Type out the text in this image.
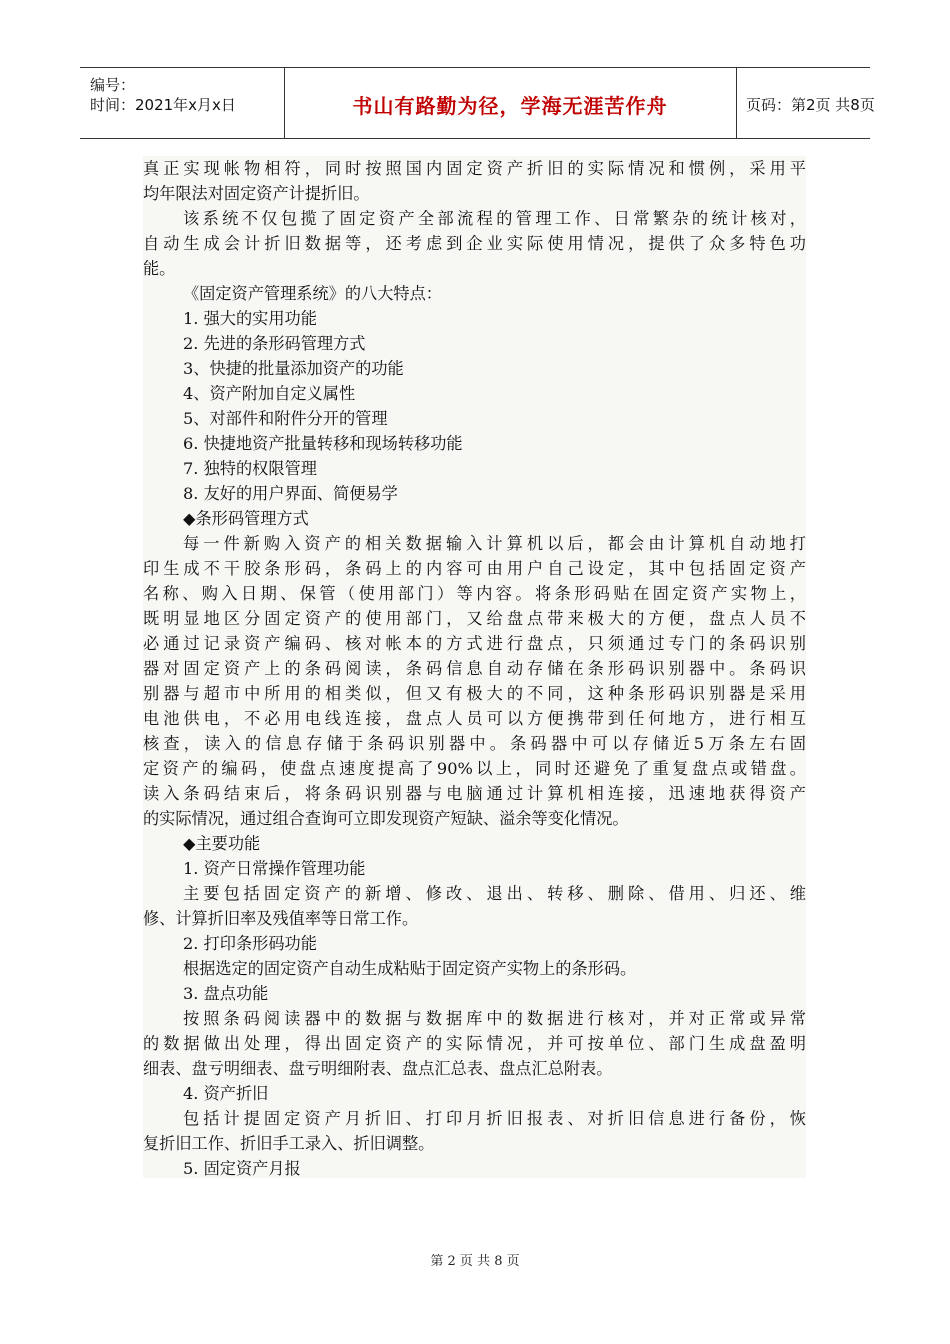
编号：
时间：2021年x月x日	书山有路勤为径，学海无涯苦作舟	页码：第2页 共8页
真正实现帐物相符，同时按照国内固定资产折旧的实际情况和惯例，采用平
均年限法对固定资产计提折旧。
该系统不仅包揽了固定资产全部流程的管理工作、日常繁杂的统计核对，
自动生成会计折旧数据等，还考虑到企业实际使用情况，提供了众多特色功
能。
《固定资产管理系统》的八大特点：
1. 强大的实用功能
2. 先进的条形码管理方式
3、快捷的批量添加资产的功能
4、资产附加自定义属性
5、对部件和附件分开的管理
6. 快捷地资产批量转移和现场转移功能
7. 独特的权限管理
8. 友好的用户界面、简便易学
◆条形码管理方式
每一件新购入资产的相关数据输入计算机以后，都会由计算机自动地打
印生成不干胶条形码，条码上的内容可由用户自己设定，其中包括固定资产
名称、购入日期、保管（使用部门）等内容。将条形码贴在固定资产实物上，
既明显地区分固定资产的使用部门，又给盘点带来极大的方便，盘点人员不
必通过记录资产编码、核对帐本的方式进行盘点，只须通过专门的条码识别
器对固定资产上的条码阅读，条码信息自动存储在条形码识别器中。条码识
别器与超市中所用的相类似，但又有极大的不同，这种条形码识别器是采用
电池供电，不必用电线连接，盘点人员可以方便携带到任何地方，进行相互
核查，读入的信息存储于条码识别器中。条码器中可以存储近5万条左右固
定资产的编码，使盘点速度提高了90%以上，同时还避免了重复盘点或错盘。
读入条码结束后，将条码识别器与电脑通过计算机相连接，迅速地获得资产
的实际情况，通过组合查询可立即发现资产短缺、溢余等变化情况。
◆主要功能
1. 资产日常操作管理功能
主要包括固定资产的新增、修改、退出、转移、删除、借用、归还、维
修、计算折旧率及残值率等日常工作。
2. 打印条形码功能
根据选定的固定资产自动生成粘贴于固定资产实物上的条形码。
3. 盘点功能
按照条码阅读器中的数据与数据库中的数据进行核对，并对正常或异常
的数据做出处理，得出固定资产的实际情况，并可按单位、部门生成盘盈明
细表、盘亏明细表、盘亏明细附表、盘点汇总表、盘点汇总附表。
4. 资产折旧
包括计提固定资产月折旧、打印月折旧报表、对折旧信息进行备份，恢
复折旧工作、折旧手工录入、折旧调整。
5. 固定资产月报
第 2 页 共 8 页
